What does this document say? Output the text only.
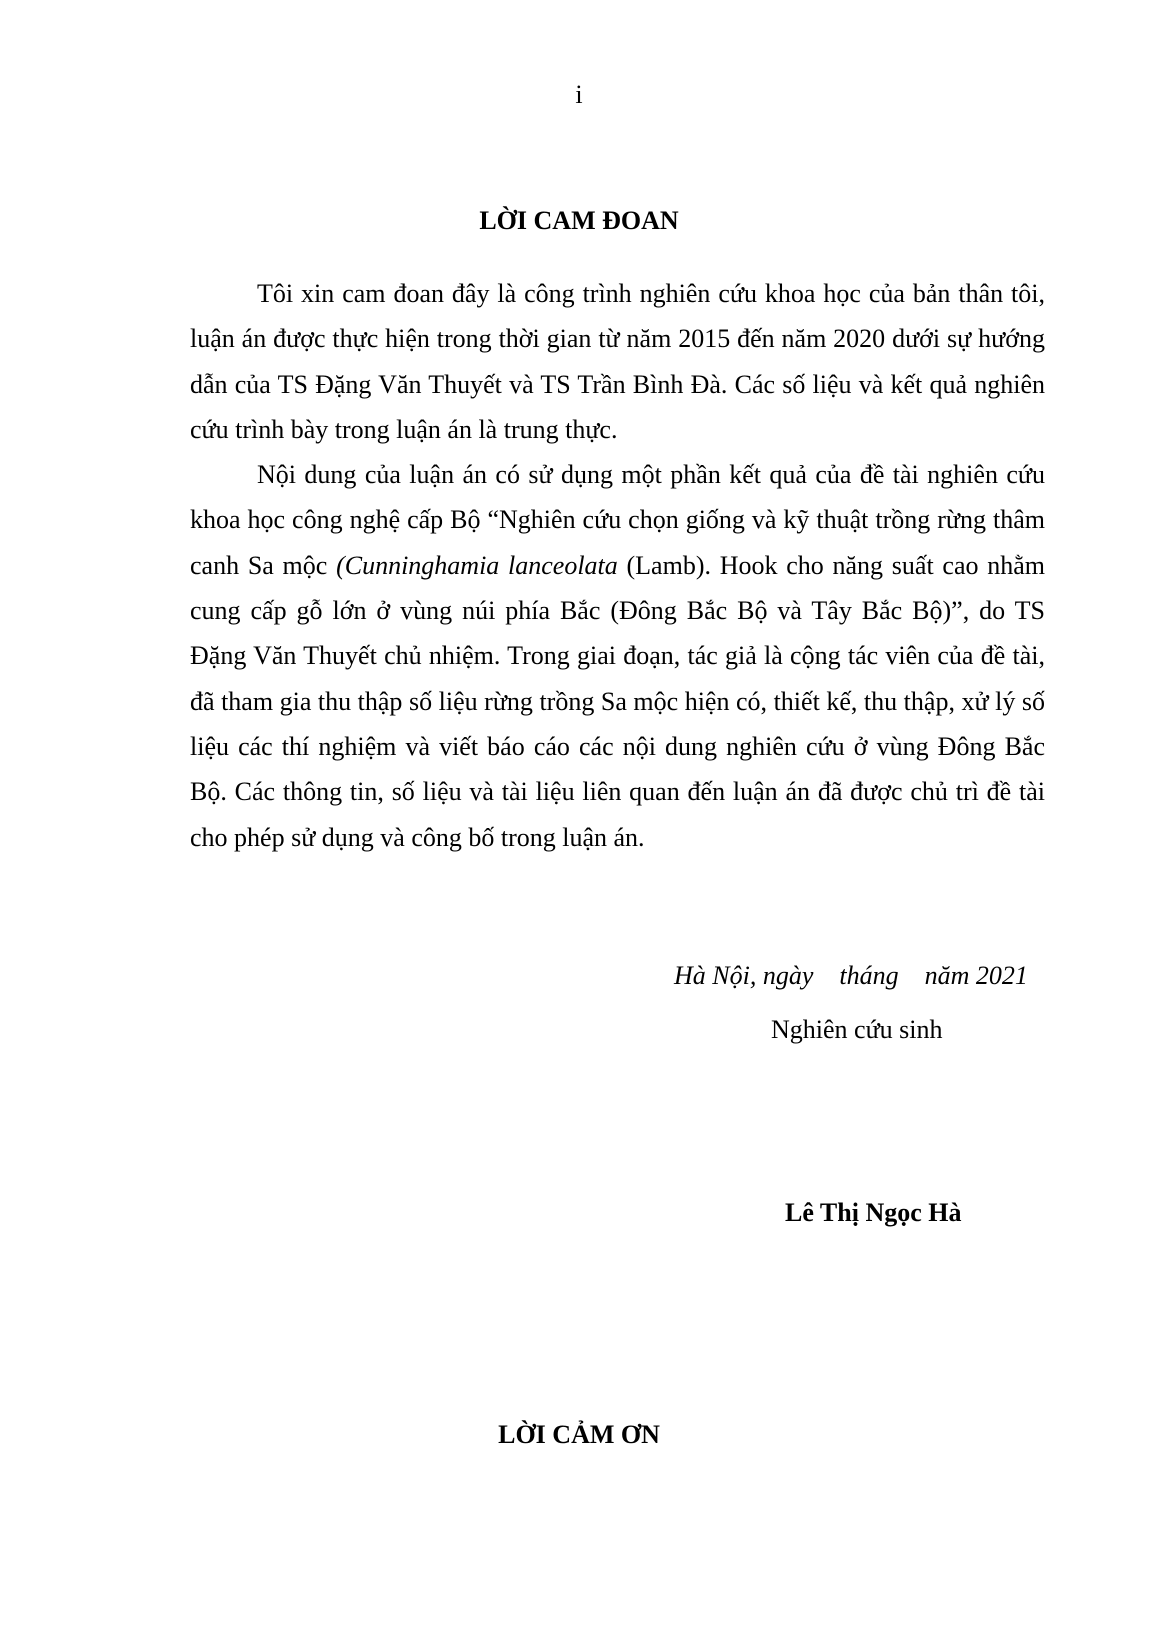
i
LỜI CAM ĐOAN

Tôi xin cam đoan đây là công trình nghiên cứu khoa học của bản thân tôi, luận án được thực hiện trong thời gian từ năm 2015 đến năm 2020 dưới sự hướng dẫn của TS Đặng Văn Thuyết và TS Trần Bình Đà. Các số liệu và kết quả nghiên cứu trình bày trong luận án là trung thực.

Nội dung của luận án có sử dụng một phần kết quả của đề tài nghiên cứu khoa học công nghệ cấp Bộ “Nghiên cứu chọn giống và kỹ thuật trồng rừng thâm canh Sa mộc (Cunninghamia lanceolata (Lamb). Hook cho năng suất cao nhằm cung cấp gỗ lớn ở vùng núi phía Bắc (Đông Bắc Bộ và Tây Bắc Bộ)”, do TS Đặng Văn Thuyết chủ nhiệm. Trong giai đoạn, tác giả là cộng tác viên của đề tài, đã tham gia thu thập số liệu rừng trồng Sa mộc hiện có, thiết kế, thu thập, xử lý số liệu các thí nghiệm và viết báo cáo các nội dung nghiên cứu ở vùng Đông Bắc Bộ. Các thông tin, số liệu và tài liệu liên quan đến luận án đã được chủ trì đề tài cho phép sử dụng và công bố trong luận án.

Hà Nội, ngày    tháng    năm 2021
Nghiên cứu sinh
Lê Thị Ngọc Hà
LỜI CẢM ƠN
